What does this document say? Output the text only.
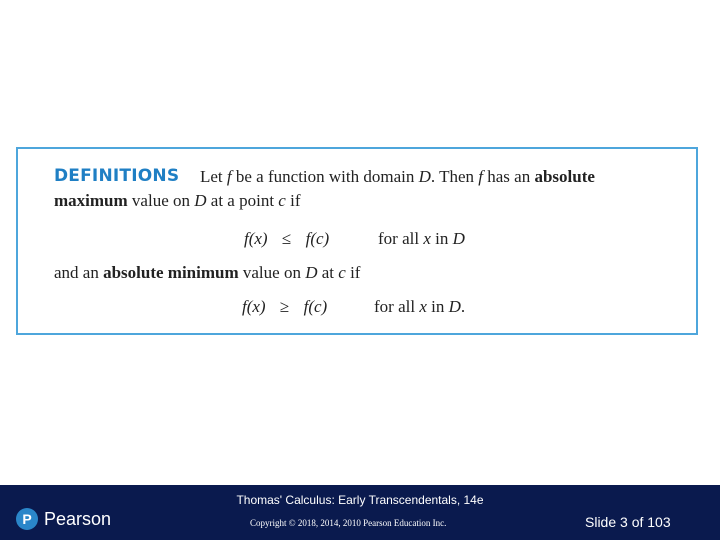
DEFINITIONS Let f be a function with domain D. Then f has an absolute
maximum value on D at a point c if
f(x) ≤ f(c)	for all x in D
and an absolute minimum value on D at c if
f(x) ≥ f(c)	for all x in D.
P Pearson
Thomas' Calculus: Early Transcendentals, 14e
Copyright © 2018, 2014, 2010 Pearson Education Inc.	Slide 3 of 103
